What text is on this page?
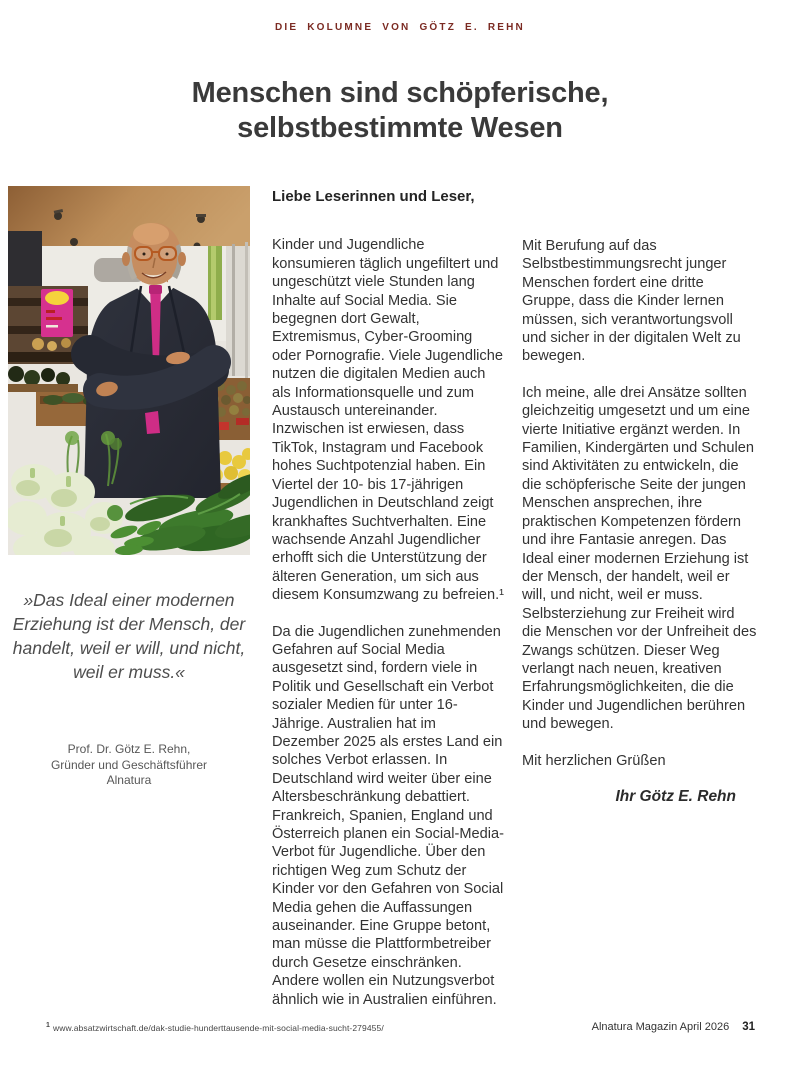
DIE KOLUMNE VON GÖTZ E. REHN
Menschen sind schöpferische,
selbstbestimmte Wesen
»Das Ideal einer modernen Erziehung ist der Mensch, der handelt, weil er will, und nicht, weil er muss.«
Prof. Dr. Götz E. Rehn,
Gründer und Geschäftsführer
Alnatura
Liebe Leserinnen und Leser,

Kinder und Jugendliche konsumieren täglich ungefiltert und ungeschützt viele Stunden lang Inhalte auf Social Media. Sie begegnen dort Gewalt, Extremismus, Cyber-Grooming oder Pornografie. Viele Jugendliche nutzen die digitalen Medien auch als Informationsquelle und zum Austausch untereinander. Inzwischen ist erwiesen, dass TikTok, Instagram und Facebook hohes Suchtpotenzial haben. Ein Viertel der 10- bis 17-jährigen Jugendlichen in Deutschland zeigt krankhaftes Suchtverhalten. Eine wachsende Anzahl Jugendlicher erhofft sich die Unterstützung der älteren Generation, um sich aus diesem Konsumzwang zu befreien.¹

Da die Jugendlichen zunehmenden Gefahren auf Social Media ausgesetzt sind, fordern viele in Politik und Gesellschaft ein Verbot sozialer Medien für unter 16-Jährige. Australien hat im Dezember 2025 als erstes Land ein solches Verbot erlassen. In Deutschland wird weiter über eine Altersbeschränkung debattiert. Frankreich, Spanien, England und Österreich planen ein Social-Media-Verbot für Jugendliche. Über den richtigen Weg zum Schutz der Kinder vor den Gefahren von Social Media gehen die Auffassungen auseinander. Eine Gruppe betont, man müsse die Plattformbetreiber durch Gesetze einschränken. Andere wollen ein Nutzungsverbot ähnlich wie in Australien einführen.

Mit Berufung auf das Selbstbestimmungsrecht junger Menschen fordert eine dritte Gruppe, dass die Kinder lernen müssen, sich verantwortungsvoll und sicher in der digitalen Welt zu bewegen.

Ich meine, alle drei Ansätze sollten gleichzeitig umgesetzt und um eine vierte Initiative ergänzt werden. In Familien, Kindergärten und Schulen sind Aktivitäten zu entwickeln, die die schöpferische Seite der jungen Menschen ansprechen, ihre praktischen Kompetenzen fördern und ihre Fantasie anregen. Das Ideal einer modernen Erziehung ist der Mensch, der handelt, weil er will, und nicht, weil er muss. Selbsterziehung zur Freiheit wird die Menschen vor der Unfreiheit des Zwangs schützen. Dieser Weg verlangt nach neuen, kreativen Erfahrungsmöglichkeiten, die die Kinder und Jugendlichen berühren und bewegen.

Mit herzlichen Grüßen

Ihr Götz E. Rehn

$^1$ www.absatzwirtschaft.de/dak-studie-hunderttausende-mit-social-media-sucht-279455/	Alnatura Magazin April 2026 31
